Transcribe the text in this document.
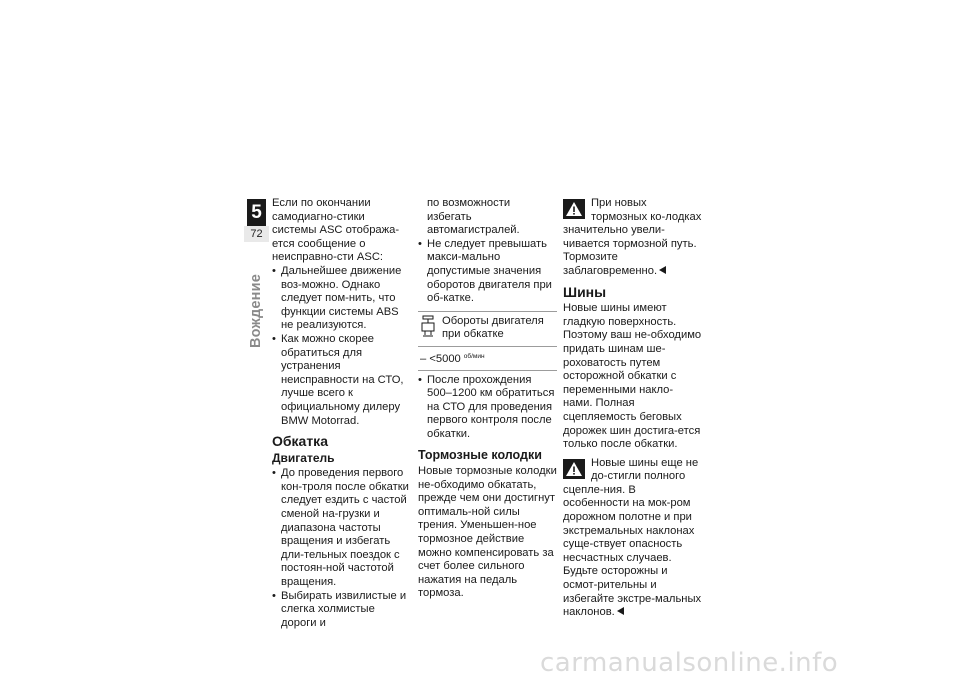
5
72
Вождение

Если по окончании самодиагно-стики системы ASC отобража-ется сообщение о неисправно-сти ASC:

• Дальнейшее движение воз-можно. Однако следует пом-нить, что функции системы ABS не реализуются.

• Как можно скорее обратиться для устранения неисправности на СТО, лучше всего к официальному дилеру BMW Motorrad.

Обкатка
Двигатель

• До проведения первого кон-троля после обкатки следует ездить с частой сменой на-грузки и диапазона частоты вращения и избегать дли-тельных поездок с постоян-ной частотой вращения.

• Выбирать извилистые и слегка холмистые дороги и

по возможности избегать автомагистралей.

• Не следует превышать макси-мально допустимые значения оборотов двигателя при об-катке.

Обороты двигателя при обкатке
– <5000 $^{об/мин}$

• После прохождения 500–1200 км обратиться на СТО для проведения первого контроля после обкатки.

Тормозные колодки

Новые тормозные колодки не-обходимо обкатать, прежде чем они достигнут оптималь-ной силы трения. Уменьшен-ное тормозное действие можно компенсировать за счет более сильного нажатия на педаль тормоза.

При новых тормозных ко-лодках значительно увели-чивается тормозной путь. Тормозите заблаговременно.

Шины

Новые шины имеют гладкую поверхность. Поэтому ваш не-обходимо придать шинам ше-роховатость путем осторожной обкатки с переменными накло-нами. Полная сцепляемость беговых дорожек шин достига-ется только после обкатки.

Новые шины еще не до-стигли полного сцепле-ния. В особенности на мок-ром дорожном полотне и при экстремальных наклонах суще-ствует опасность несчастных случаев.

Будьте осторожны и осмот-рительны и избегайте экстре-мальных наклонов.

carmanualsonline.info
